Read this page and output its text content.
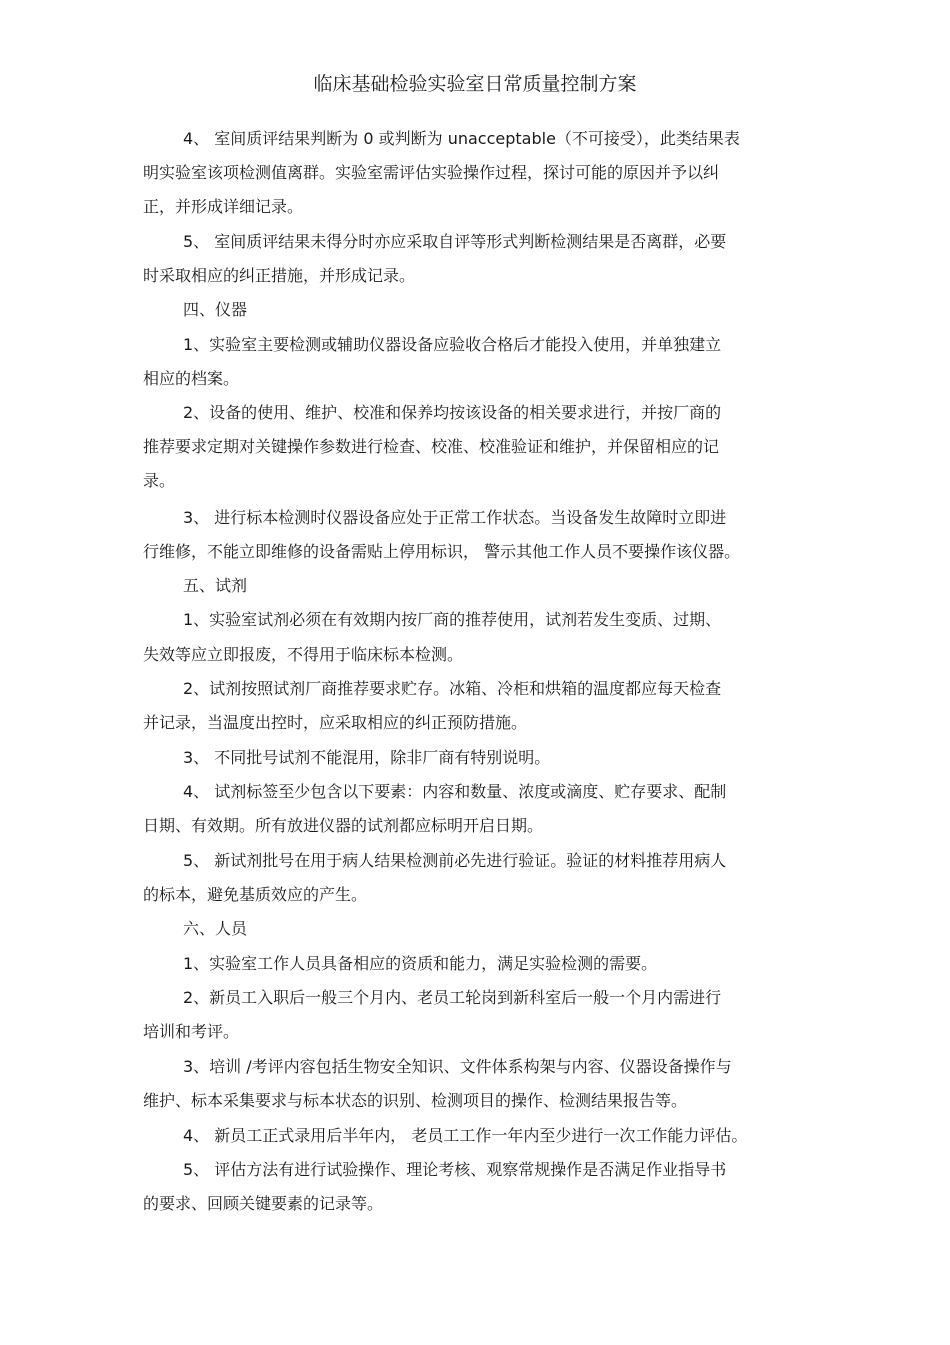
临床基础检验实验室日常质量控制方案
4、 室间质评结果判断为 0 或判断为 unacceptable（不可接受），此类结果表
明实验室该项检测值离群。实验室需评估实验操作过程，探讨可能的原因并予以纠
正，并形成详细记录。
5、 室间质评结果未得分时亦应采取自评等形式判断检测结果是否离群，必要
时采取相应的纠正措施，并形成记录。
四、仪器
1、实验室主要检测或辅助仪器设备应验收合格后才能投入使用，并单独建立
相应的档案。
2、设备的使用、维护、校准和保养均按该设备的相关要求进行，并按厂商的
推荐要求定期对关键操作参数进行检查、校准、校准验证和维护，并保留相应的记
录。
3、 进行标本检测时仪器设备应处于正常工作状态。当设备发生故障时立即进
行维修，不能立即维修的设备需贴上停用标识， 警示其他工作人员不要操作该仪器。
五、试剂
1、实验室试剂必须在有效期内按厂商的推荐使用，试剂若发生变质、过期、
失效等应立即报废，不得用于临床标本检测。
2、试剂按照试剂厂商推荐要求贮存。冰箱、冷柜和烘箱的温度都应每天检查
并记录，当温度出控时，应采取相应的纠正预防措施。
3、 不同批号试剂不能混用，除非厂商有特别说明。
4、 试剂标签至少包含以下要素：内容和数量、浓度或滴度、贮存要求、配制
日期、有效期。所有放进仪器的试剂都应标明开启日期。
5、 新试剂批号在用于病人结果检测前必先进行验证。验证的材料推荐用病人
的标本，避免基质效应的产生。
六、人员
1、实验室工作人员具备相应的资质和能力，满足实验检测的需要。
2、新员工入职后一般三个月内、老员工轮岗到新科室后一般一个月内需进行
培训和考评。
3、培训 /考评内容包括生物安全知识、文件体系构架与内容、仪器设备操作与
维护、标本采集要求与标本状态的识别、检测项目的操作、检测结果报告等。
4、 新员工正式录用后半年内， 老员工工作一年内至少进行一次工作能力评估。
5、 评估方法有进行试验操作、理论考核、观察常规操作是否满足作业指导书
的要求、回顾关键要素的记录等。
